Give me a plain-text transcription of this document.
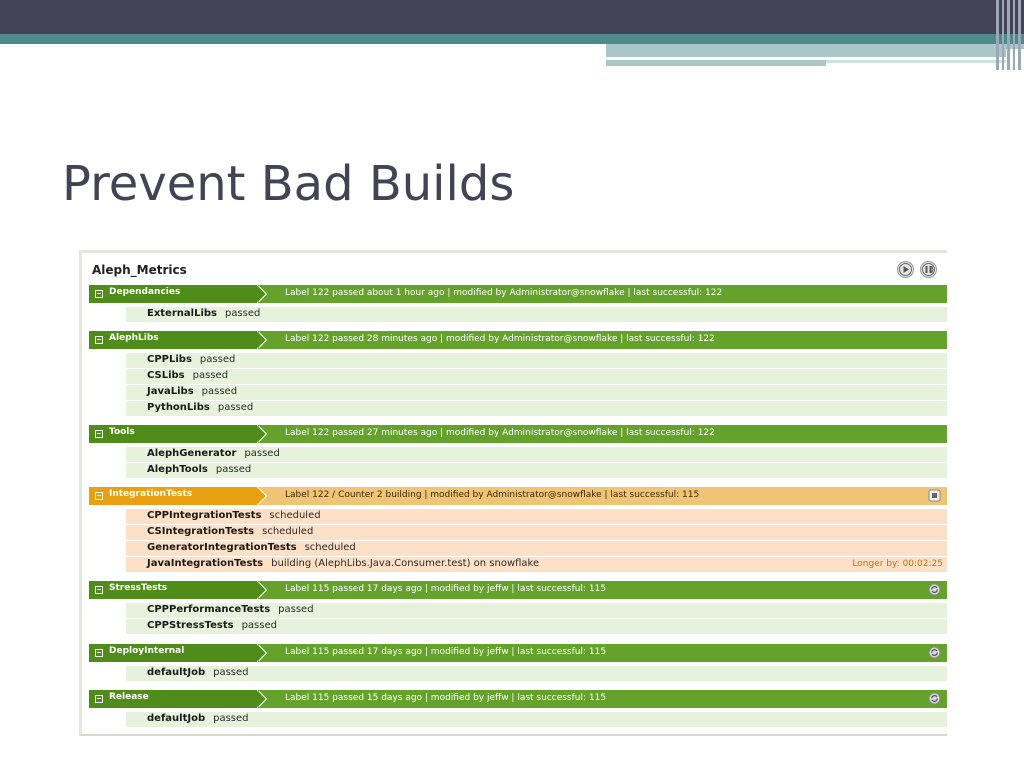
Prevent Bad Builds
Aleph_Metrics
Dependancies	Label 122 passed about 1 hour ago | modified by Administrator@snowflake | last successful: 122
ExternalLibs passed
AlephLibs	Label 122 passed 28 minutes ago | modified by Administrator@snowflake | last successful: 122
CPPLibs passed
CSLibs passed
JavaLibs passed
PythonLibs passed
Tools	Label 122 passed 27 minutes ago | modified by Administrator@snowflake | last successful: 122
AlephGenerator passed
AlephTools passed
IntegrationTests	Label 122 / Counter 2 building | modified by Administrator@snowflake | last successful: 115
CPPIntegrationTests scheduled
CSIntegrationTests scheduled
GeneratorIntegrationTests scheduled
JavaIntegrationTests building (AlephLibs.Java.Consumer.test) on snowflake	Longer by: 00:02:25
StressTests	Label 115 passed 17 days ago | modified by jeffw | last successful: 115
CPPPerformanceTests passed
CPPStressTests passed
DeployInternal	Label 115 passed 17 days ago | modified by jeffw | last successful: 115
defaultJob passed
Release	Label 115 passed 15 days ago | modified by jeffw | last successful: 115
defaultJob passed
